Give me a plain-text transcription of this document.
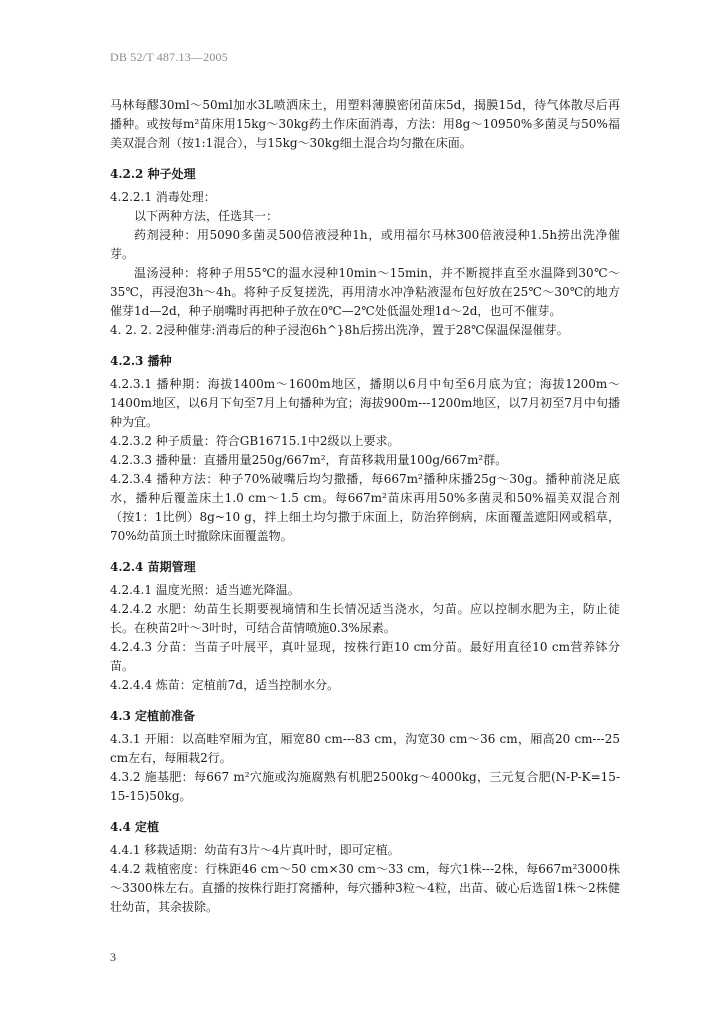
DB 52/T 487.13—2005

马林每醪30ml～50ml加水3L喷洒床土，用塑料薄膜密闭苗床5d，揭膜15d，待气体散尽后再播种。或按每m²苗床用15kg～30kg药土作床面消毒，方法：用8g～10950%多菌灵与50%福美双混合剂（按1:1混合），与15kg～30kg细土混合均匀撒在床面。

4.2.2 种子处理

4.2.2.1 消毒处理：

以下两种方法，任选其一：

药剂浸种：用5090多菌灵500倍液浸种1h，或用福尔马林300倍液浸种1.5h捞出洗净催芽。

温汤浸种：将种子用55℃的温水浸种10min～15min，并不断搅拌直至水温降到30℃～35℃，再浸泡3h～4h。将种子反复搓洗，再用清水冲净粘液湿布包好放在25℃～30℃的地方催芽1d—2d，种子崩嘴时再把种子放在0℃—2℃处低温处理1d～2d，也可不催芽。

4. 2. 2. 2浸种催芽:消毒后的种子浸泡6h^}8h后捞出洗净，置于28℃保温保湿催芽。

4.2.3 播种

4.2.3.1 播种期：海拔1400m～1600m地区，播期以6月中旬至6月底为宜；海拔1200m～1400m地区，以6月下旬至7月上旬播种为宜；海拔900m---1200m地区，以7月初至7月中旬播种为宜。

4.2.3.2 种子质量：符合GB16715.1中2级以上要求。

4.2.3.3 播种量：直播用量250g/667m²，育苗移栽用量100g/667m²群。

4.2.3.4 播种方法：种子70%破嘴后均匀撒播，每667m²播种床播25g～30g。播种前浇足底水，播种后覆盖床土1.0 cm～1.5 cm。每667m²苗床再用50%多菌灵和50%福美双混合剂（按1：1比例）8g~10 g，拌上细土均匀撒于床面上，防治猝倒病，床面覆盖遮阳网或稻草，70%幼苗顶土时撤除床面覆盖物。

4.2.4 苗期管理

4.2.4.1 温度光照：适当遮光降温。

4.2.4.2 水肥：幼苗生长期要视墒情和生长情况适当浇水，匀苗。应以控制水肥为主，防止徒长。在秧苗2叶～3叶时，可结合苗情喷施0.3%尿素。

4.2.4.3 分苗：当苗子叶展平，真叶显现，按株行距10 cm分苗。最好用直径10 cm营养钵分苗。

4.2.4.4 炼苗：定植前7d，适当控制水分。

4.3 定植前准备

4.3.1 开厢：以高畦窄厢为宜，厢宽80 cm---83 cm，沟宽30 cm～36 cm，厢高20 cm---25 cm左右，每厢栽2行。

4.3.2 施基肥：每667 m²穴施或沟施腐熟有机肥2500kg～4000kg，三元复合肥(N-P-K=15-15-15)50kg。

4.4 定植

4.4.1 移栽适期：幼苗有3片～4片真叶时，即可定植。

4.4.2 栽植密度：行株距46 cm～50 cm×30 cm～33 cm，每穴1株---2株，每667m²3000株～3300株左右。直播的按株行距打窝播种，每穴播种3粒～4粒，出苗、破心后选留1株～2株健壮幼苗，其余拔除。

3
